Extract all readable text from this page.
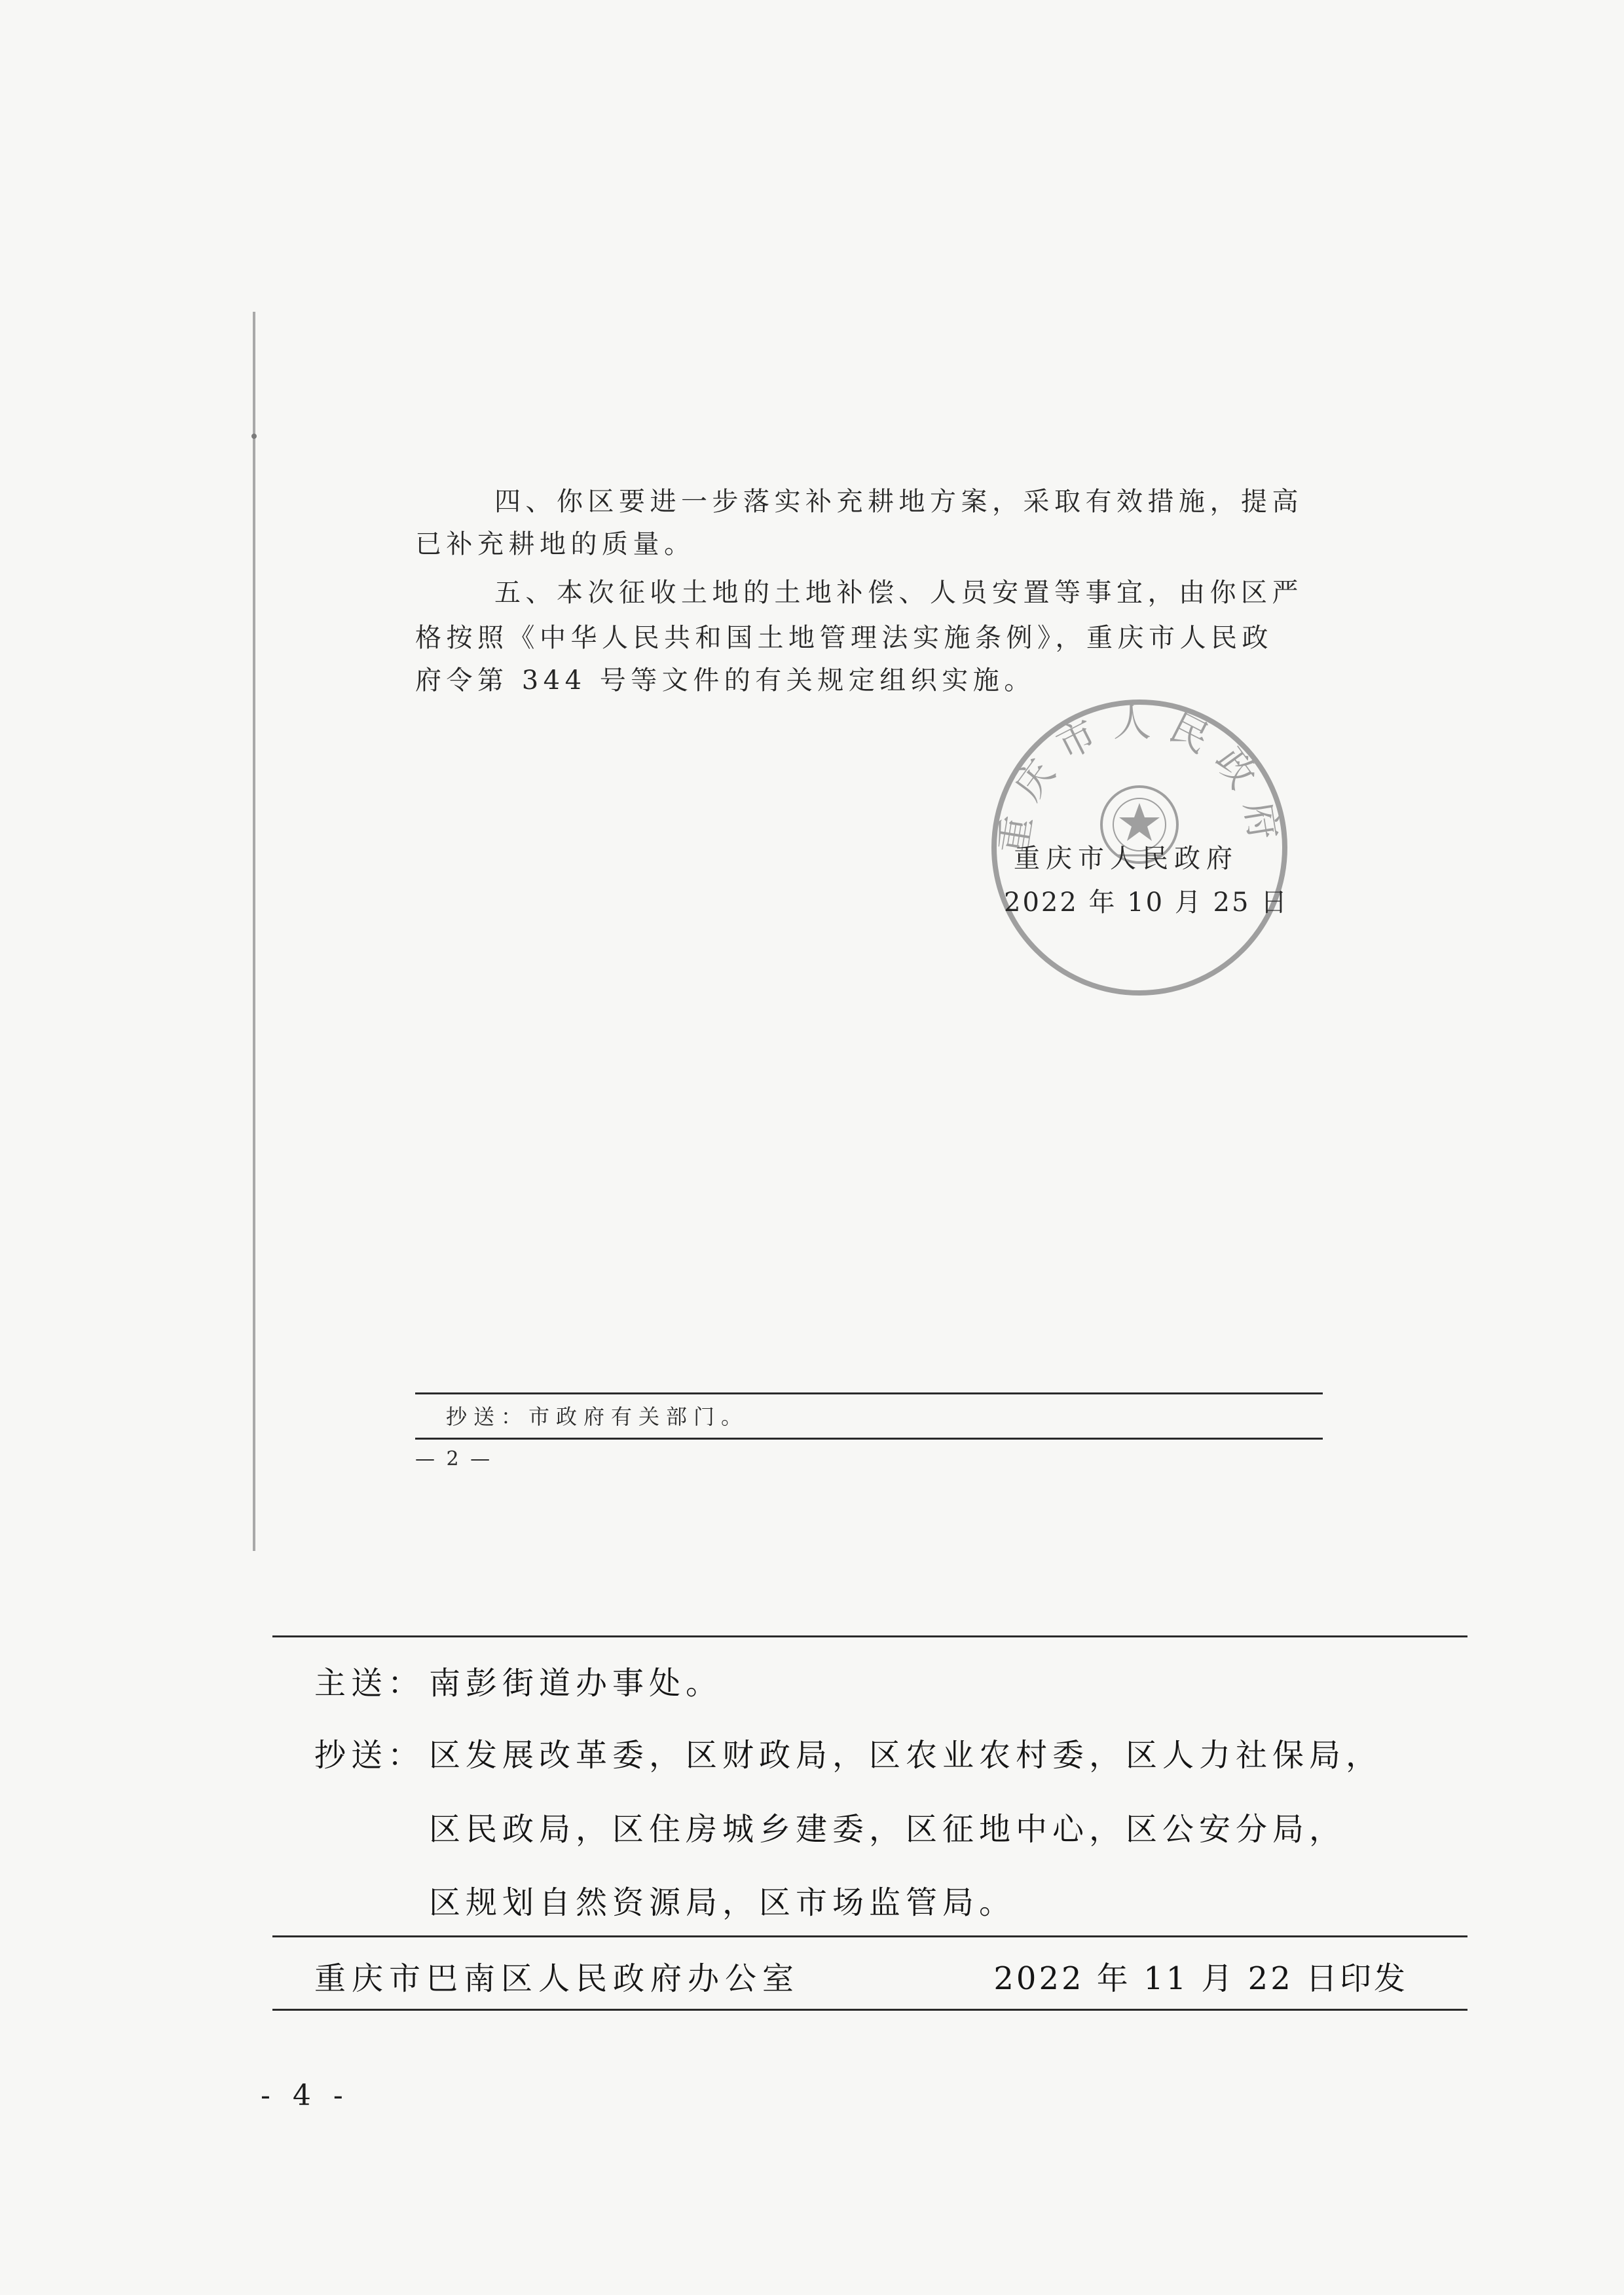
四、你区要进一步落实补充耕地方案，采取有效措施，提高
已补充耕地的质量。
五、本次征收土地的土地补偿、人员安置等事宜，由你区严
格按照《中华人民共和国土地管理法实施条例》，重庆市人民政
府令第 344 号等文件的有关规定组织实施。
重庆市人民政府
重庆市人民政府
2022 年 10 月 25 日
抄送：市政府有关部门。
— 2 —
主送： 南彭街道办事处。
抄送： 区发展改革委，区财政局，区农业农村委，区人力社保局，
区民政局，区住房城乡建委，区征地中心，区公安分局，
区规划自然资源局，区市场监管局。
重庆市巴南区人民政府办公室	2022 年 11 月 22 日印发
- 4 -
